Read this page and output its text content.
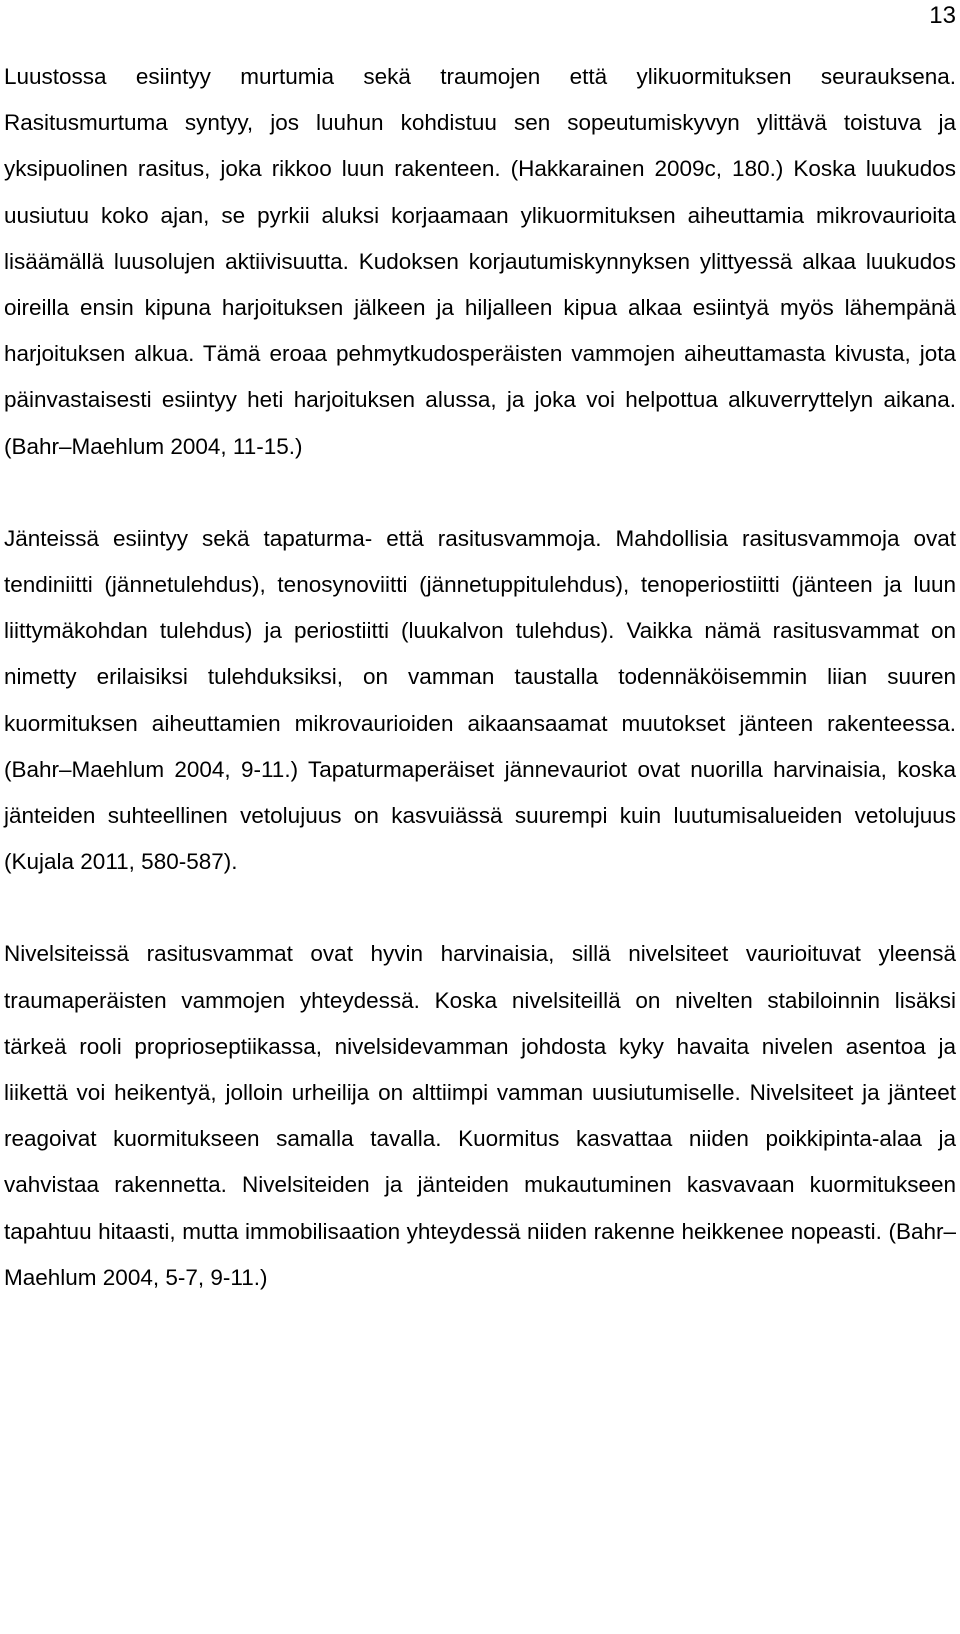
13

Luustossa esiintyy murtumia sekä traumojen että ylikuormituksen seurauksena. Rasitusmurtuma syntyy, jos luuhun kohdistuu sen sopeutumiskyvyn ylittävä toistuva ja yksipuolinen rasitus, joka rikkoo luun rakenteen. (Hakkarainen 2009c, 180.) Koska luukudos uusiutuu koko ajan, se pyrkii aluksi korjaamaan ylikuormituksen aiheuttamia mikrovaurioita lisäämällä luusolujen aktiivisuutta. Kudoksen korjautumiskynnyksen ylittyessä alkaa luukudos oireilla ensin kipuna harjoituksen jälkeen ja hiljalleen kipua alkaa esiintyä myös lähempänä harjoituksen alkua. Tämä eroaa pehmytkudosperäisten vammojen aiheuttamasta kivusta, jota päinvastaisesti esiintyy heti harjoituksen alussa, ja joka voi helpottua alkuverryttelyn aikana. (Bahr–Maehlum 2004, 11-15.)

Jänteissä esiintyy sekä tapaturma- että rasitusvammoja. Mahdollisia rasitusvammoja ovat tendiniitti (jännetulehdus), tenosynoviitti (jännetuppitulehdus), tenoperiostiitti (jänteen ja luun liittymäkohdan tulehdus) ja periostiitti (luukalvon tulehdus). Vaikka nämä rasitusvammat on nimetty erilaisiksi tulehduksiksi, on vamman taustalla todennäköisemmin liian suuren kuormituksen aiheuttamien mikrovaurioiden aikaansaamat muutokset jänteen rakenteessa. (Bahr–Maehlum 2004, 9-11.) Tapaturmaperäiset jännevauriot ovat nuorilla harvinaisia, koska jänteiden suhteellinen vetolujuus on kasvuiässä suurempi kuin luutumisalueiden vetolujuus (Kujala 2011, 580-587).

Nivelsiteissä rasitusvammat ovat hyvin harvinaisia, sillä nivelsiteet vaurioituvat yleensä traumaperäisten vammojen yhteydessä. Koska nivelsiteillä on nivelten stabiloinnin lisäksi tärkeä rooli proprioseptiikassa, nivelsidevamman johdosta kyky havaita nivelen asentoa ja liikettä voi heikentyä, jolloin urheilija on alttiimpi vamman uusiutumiselle. Nivelsiteet ja jänteet reagoivat kuormitukseen samalla tavalla. Kuormitus kasvattaa niiden poikkipinta-alaa ja vahvistaa rakennetta. Nivelsiteiden ja jänteiden mukautuminen kasvavaan kuormitukseen tapahtuu hitaasti, mutta immobilisaation yhteydessä niiden rakenne heikkenee nopeasti. (Bahr–Maehlum 2004, 5-7, 9-11.)
